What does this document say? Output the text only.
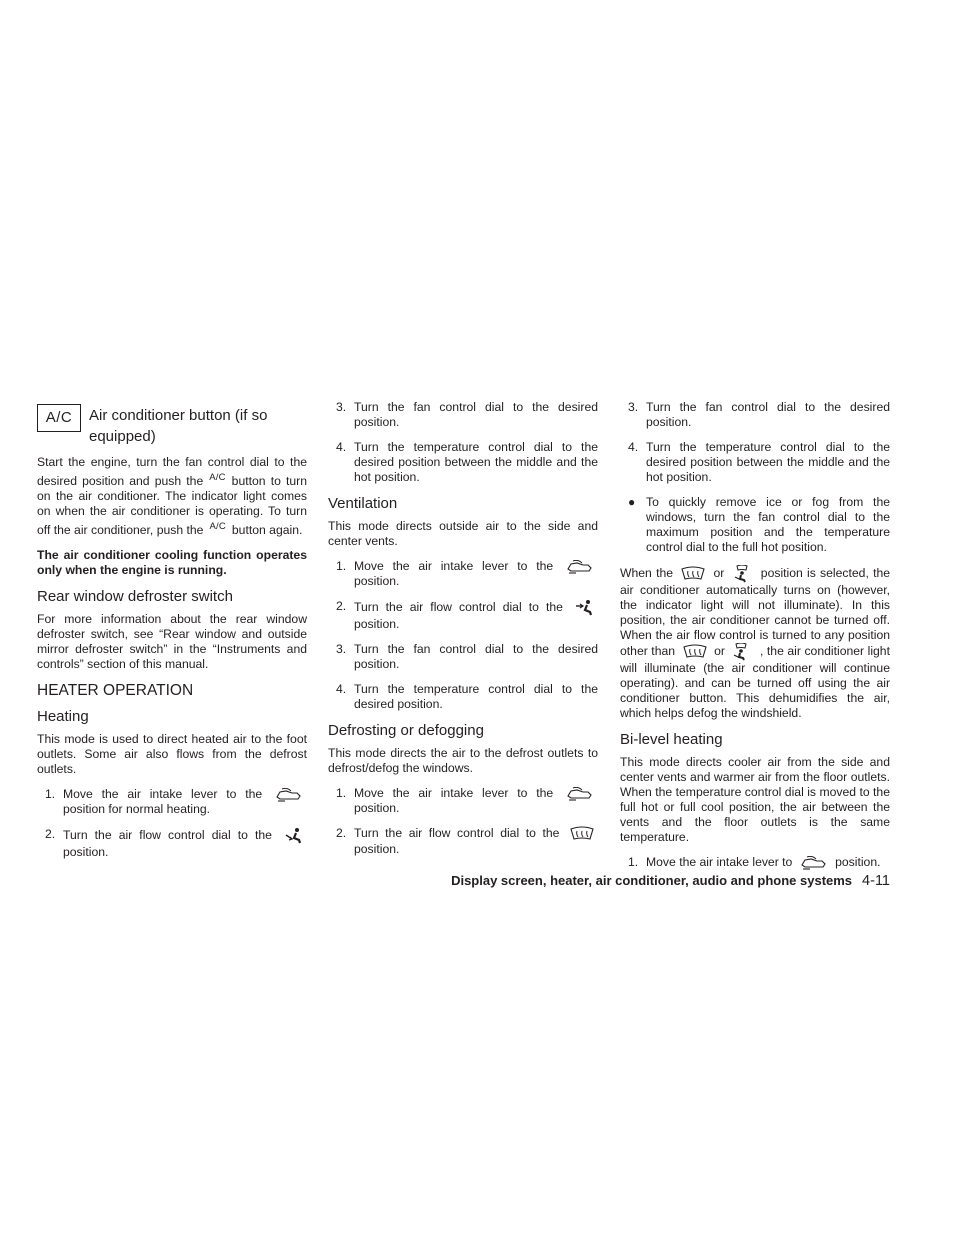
A/C	Air conditioner button (if so equipped)

Start the engine, turn the fan control dial to the desired position and push the $^{A/C}$ button to turn on the air conditioner. The indicator light comes on when the air conditioner is operating. To turn off the air conditioner, push the $^{A/C}$ button again.

The air conditioner cooling function operates only when the engine is running.

Rear window defroster switch

For more information about the rear window defroster switch, see “Rear window and outside mirror defroster switch” in the “Instruments and controls” section of this manual.

HEATER OPERATION
Heating

This mode is used to direct heated air to the foot outlets. Some air also flows from the defrost outlets.

1. Move the air intake lever to the  position for normal heating.
2. Turn the air flow control dial to the  position.
3. Turn the fan control dial to the desired position.
4. Turn the temperature control dial to the desired position between the middle and the hot position.
Ventilation

This mode directs outside air to the side and center vents.

1. Move the air intake lever to the  position.
2. Turn the air flow control dial to the  position.
3. Turn the fan control dial to the desired position.
4. Turn the temperature control dial to the desired position.
Defrosting or defogging

This mode directs the air to the defrost outlets to defrost/defog the windows.

1. Move the air intake lever to the  position.
2. Turn the air flow control dial to the  position.
3. Turn the fan control dial to the desired position.
4. Turn the temperature control dial to the desired position between the middle and the hot position.
● To quickly remove ice or fog from the windows, turn the fan control dial to the maximum position and the temperature control dial to the full hot position.

When the	or	position is selected, the air conditioner automatically turns on (however, the indicator light will not illuminate). In this position, the air conditioner cannot be turned off. When the air flow control is turned to any position other than	or	, the air conditioner light will illuminate (the air conditioner will continue operating). and can be turned off using the air conditioner button. This dehumidifies the air, which helps defog the windshield.

Bi-level heating

This mode directs cooler air from the side and center vents and warmer air from the floor outlets. When the temperature control dial is moved to the full hot or full cool position, the air between the vents and the floor outlets is the same temperature.

1. Move the air intake lever to	position.
Display screen, heater, air conditioner, audio and phone systems 4-11
